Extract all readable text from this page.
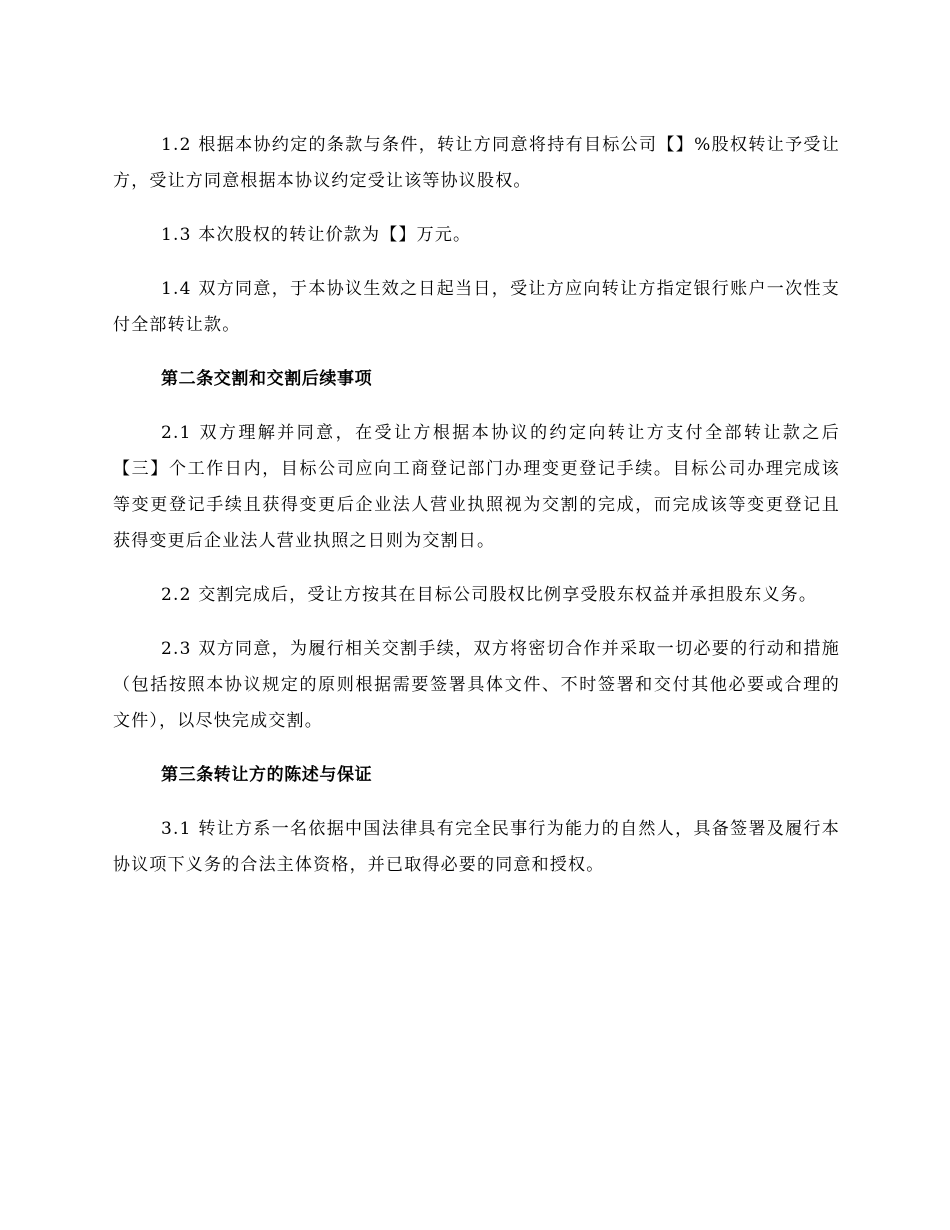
1.2 根据本协约定的条款与条件，转让方同意将持有目标公司【】%股权转让予受让方，受让方同意根据本协议约定受让该等协议股权。

1.3 本次股权的转让价款为【】万元。

1.4 双方同意，于本协议生效之日起当日，受让方应向转让方指定银行账户一次性支付全部转让款。

第二条交割和交割后续事项

2.1 双方理解并同意，在受让方根据本协议的约定向转让方支付全部转让款之后【三】个工作日内，目标公司应向工商登记部门办理变更登记手续。目标公司办理完成该等变更登记手续且获得变更后企业法人营业执照视为交割的完成，而完成该等变更登记且获得变更后企业法人营业执照之日则为交割日。

2.2 交割完成后，受让方按其在目标公司股权比例享受股东权益并承担股东义务。

2.3 双方同意，为履行相关交割手续，双方将密切合作并采取一切必要的行动和措施（包括按照本协议规定的原则根据需要签署具体文件、不时签署和交付其他必要或合理的文件），以尽快完成交割。

第三条转让方的陈述与保证

3.1 转让方系一名依据中国法律具有完全民事行为能力的自然人，具备签署及履行本协议项下义务的合法主体资格，并已取得必要的同意和授权。
